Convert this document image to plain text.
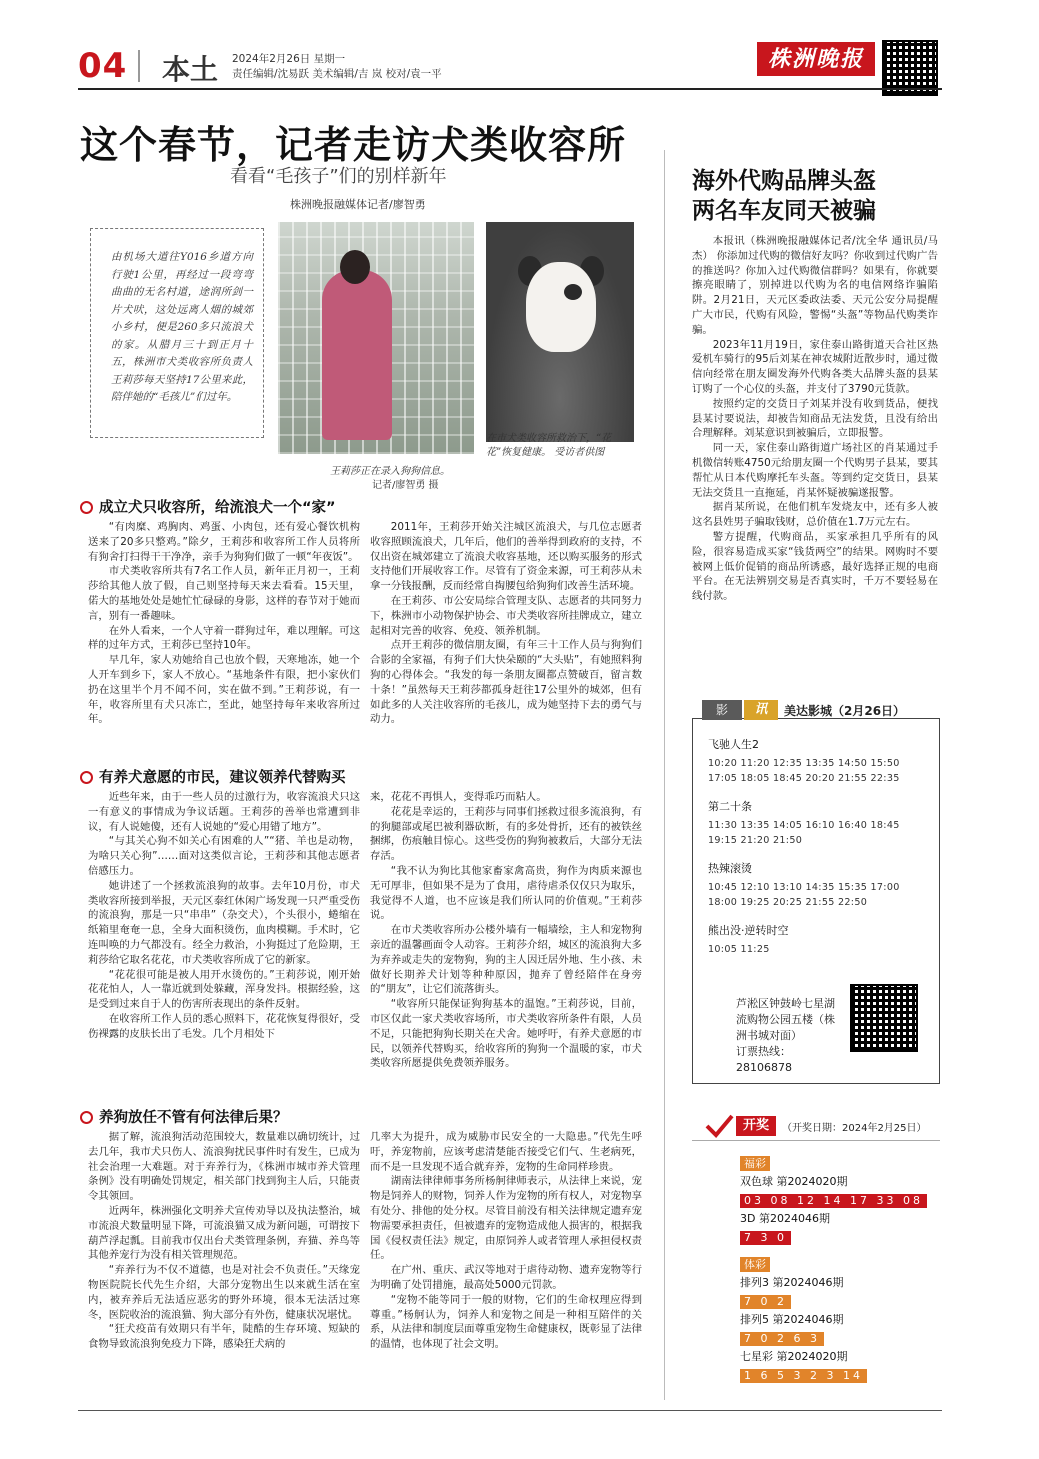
04 本土 2024年2月26日 星期一
责任编辑/沈易跃 美术编辑/吉 岚 校对/袁一平
株洲晚报
这个春节，记者走访犬类收容所
看看“毛孩子”们的别样新年
株洲晚报融媒体记者/廖智勇
由机场大道往Y016乡道方向行驶1公里，再经过一段弯弯曲曲的无名村道，途润所剑一片犬吠，这处远离人烟的城郊小乡村，便是260多只流浪犬的家。从腊月三十到正月十五，株洲市犬类收容所负责人王莉莎每天坚持17公里来此，陪伴她的“毛孩儿”们过年。
王莉莎正在录入狗狗信息。
记者/廖智勇 摄
在市犬类收容所救治下，“花花”恢复健康。 受访者供图
成立犬只收容所，给流浪犬一个“家”

“有肉糜、鸡胸肉、鸡蛋、小肉包，还有爱心餐饮机构送来了20多只整鸡。”除夕，王莉莎和收容所工作人员将所有狗舍打扫得干干净净，亲手为狗狗们做了一顿“年夜饭”。

市犬类收容所共有7名工作人员，新年正月初一，王莉莎给其他人放了假，自己则坚持每天来去看看。15天里，偌大的基地处处是她忙忙碌碌的身影，这样的春节对于她而言，别有一番趣味。

在外人看来，一个人守着一群狗过年，难以理解。可这样的过年方式，王莉莎已坚持10年。

早几年，家人劝她给自己也放个假，天寒地冻，她一个人开车到乡下，家人不放心。“基地条件有限，把小家伙们扔在这里半个月不闻不问，实在做不到。”王莉莎说，有一年，收容所里有犬只冻亡，至此，她坚持每年来收容所过年。

2011年，王莉莎开始关注城区流浪犬，与几位志愿者收容照顾流浪犬，几年后，他们的善举得到政府的支持，不仅出资在城郊建立了流浪犬收容基地，还以购买服务的形式支持他们开展收容工作。尽管有了资金来源，可王莉莎从未拿一分钱报酬，反而经常自掏腰包给狗狗们改善生活环境。

在王莉莎、市公安局综合管理支队、志愿者的共同努力下，株洲市小动物保护协会、市犬类收容所挂牌成立，建立起相对完善的收容、免疫、领养机制。

点开王莉莎的微信朋友圈，有年三十工作人员与狗狗们合影的全家福，有狗子们大快朵颐的“大头贴”，有她照料狗狗的心得体会。“我发的每一条朋友圈都点赞破百，留言数十条！”虽然每天王莉莎都孤身赶往17公里外的城郊，但有如此多的人关注收容所的毛孩儿，成为她坚持下去的勇气与动力。

有养犬意愿的市民，建议领养代替购买

近些年来，由于一些人员的过激行为，收容流浪犬只这一有意义的事情成为争议话题。王莉莎的善举也常遭到非议，有人说她傻，还有人说她的“爱心用错了地方”。

“与其关心狗不如关心有困难的人”“猪、羊也是动物，为啥只关心狗”……面对这类似言论，王莉莎和其他志愿者倍感压力。

她讲述了一个拯救流浪狗的故事。去年10月份，市犬类收容所接到举报，天元区泰红休闲广场发现一只严重受伤的流浪狗，那是一只“串串”（杂交犬），个头很小，蜷缩在纸箱里奄奄一息，全身大面积烫伤，血肉模糊。手术时，它连叫唤的力气都没有。经全力救治，小狗挺过了危险期，王莉莎给它取名花花，市犬类收容所成了它的新家。

“花花很可能是被人用开水烫伤的。”王莉莎说，刚开始花花怕人，人一靠近就到处躲藏，浑身发抖。根据经验，这是受到过来自于人的伤害所表现出的条件反射。

在收容所工作人员的悉心照料下，花花恢复得很好，受伤裸露的皮肤长出了毛发。几个月相处下

来，花花不再惧人，变得乖巧而粘人。

花花是幸运的，王莉莎与同事们拯救过很多流浪狗，有的狗腿部或尾巴被利器砍断，有的多处骨折，还有的被铁丝捆绑，伤痕触目惊心。这些受伤的狗狗被救后，大部分无法存活。

“我不认为狗比其他家畜家禽高贵，狗作为肉质来源也无可厚非，但如果不是为了食用，虐待虐杀仅仅只为取乐，我觉得不人道，也不应该是我们所认同的价值观。”王莉莎说。

在市犬类收容所办公楼外墙有一幅墙绘，主人和宠物狗亲近的温馨画面令人动容。王莉莎介绍，城区的流浪狗大多为弃养或走失的宠物狗，狗的主人因迁居外地、生小孩、未做好长期养犬计划等种种原因，抛弃了曾经陪伴在身旁的“朋友”，让它们流落街头。

“收容所只能保证狗狗基本的温饱。”王莉莎说，目前，市区仅此一家犬类收容场所，市犬类收容所条件有限，人员不足，只能把狗狗长期关在犬舍。她呼吁，有养犬意愿的市民，以领养代替购买，给收容所的狗狗一个温暖的家，市犬类收容所愿提供免费领养服务。

养狗放任不管有何法律后果？

据了解，流浪狗活动范围较大，数量难以确切统计，过去几年，我市犬只伤人、流浪狗扰民事件时有发生，已成为社会治理一大难题。对于弃养行为，《株洲市城市养犬管理条例》没有明确处罚规定，相关部门找到狗主人后，只能责令其领回。

近两年，株洲强化文明养犬宣传劝导以及执法整治，城市流浪犬数量明显下降，可流浪猫又成为新问题，可谓按下葫芦浮起瓢。目前我市仅出台犬类管理条例，弃猫、养鸟等其他养宠行为没有相关管理规范。

“弃养行为不仅不道德，也是对社会不负责任。”天缘宠物医院院长代先生介绍，大部分宠物出生以来就生活在室内，被弃养后无法适应恶劣的野外环境，很本无法活过寒冬，医院收治的流浪猫、狗大部分有外伤，健康状况堪忧。

“狂犬疫苗有效期只有半年，陡酷的生存环境、短缺的食物导致流浪狗免疫力下降，感染狂犬病的

几率大为提升，成为威胁市民安全的一大隐患。”代先生呼吁，养宠物前，应该考虑清楚能否接受它们气、生老病死，而不是一旦发现不适合就弃养，宠物的生命同样珍贵。

湖南法律律师事务所杨舸律师表示，从法律上来说，宠物是饲养人的财物，饲养人作为宠物的所有权人，对宠物享有处分、排他的处分权。尽管目前没有相关法律规定遗弃宠物需要承担责任，但被遗弃的宠物造成他人损害的，根据我国《侵权责任法》规定，由原饲养人或者管理人承担侵权责任。

在广州、重庆、武汉等地对于虐待动物、遗弃宠物等行为明确了处罚措施，最高处5000元罚款。

“宠物不能等同于一般的财物，它们的生命权理应得到尊重。”杨舸认为，饲养人和宠物之间是一种相互陪伴的关系，从法律和制度层面尊重宠物生命健康权，既彰显了法律的温情，也体现了社会文明。

海外代购品牌头盔
两名车友同天被骗

本报讯（株洲晚报融媒体记者/沈全华 通讯员/马杰） 你添加过代购的微信好友吗？你收到过代购广告的推送吗？你加入过代购微信群吗？如果有，你就要擦亮眼睛了，别掉进以代购为名的电信网络诈骗陷阱。2月21日，天元区委政法委、天元公安分局提醒广大市民，代购有风险，警惕“头盔”等物品代购类诈骗。

2023年11月19日，家住泰山路街道天合社区热爱机车骑行的95后刘某在神农城附近散步时，通过微信向经常在朋友圈发海外代购各类大品牌头盔的县某订购了一个心仪的头盔，并支付了3790元货款。

按照约定的交货日子刘某并没有收到货品，便找县某讨要说法，却被告知商品无法发货，且没有给出合理解释。刘某意识到被骗后，立即报警。

同一天，家住泰山路街道广场社区的肖某通过手机微信转账4750元给朋友圈一个代购男子县某，要其帮忙从日本代购摩托车头盔。等到约定交货日，县某无法交货且一直拖延，肖某怀疑被骗遂报警。

据肖某所说，在他们机车发烧友中，还有多人被这名县姓男子骗取钱财，总价值在1.7万元左右。

警方提醒，代购商品，买家承担几乎所有的风险，很容易造成买家“钱货两空”的结果。网购时不要被网上低价促销的商品所诱惑，最好选择正规的电商平台。在无法辨别交易是否真实时，千万不要轻易在线付款。

影	讯	美达影城（2月26日）
飞驰人生2
10:20 11:20 12:35 13:35 14:50 15:50
17:05 18:05 18:45 20:20 21:55 22:35
第二十条
11:30 13:35 14:05 16:10 16:40 18:45
19:15 21:20 21:50
热辣滚烫
10:45 12:10 13:10 14:35 15:35 17:00
18:00 19:25 20:25 21:55 22:50
熊出没·逆转时空
10:05 11:25
芦淞区钟鼓岭七星湖流购物公园五楼（株洲书城对面）
订票热线：
28106878
开奖	（开奖日期：2024年2月25日）
福彩
双色球 第2024020期
03 08 12 14 17 33 08
3D 第2024046期
7 3 0
体彩
排列3 第2024046期
7 0 2
排列5 第2024046期
7 0 2 6 3
七星彩 第2024020期
1 6 5 3 2 3 14
